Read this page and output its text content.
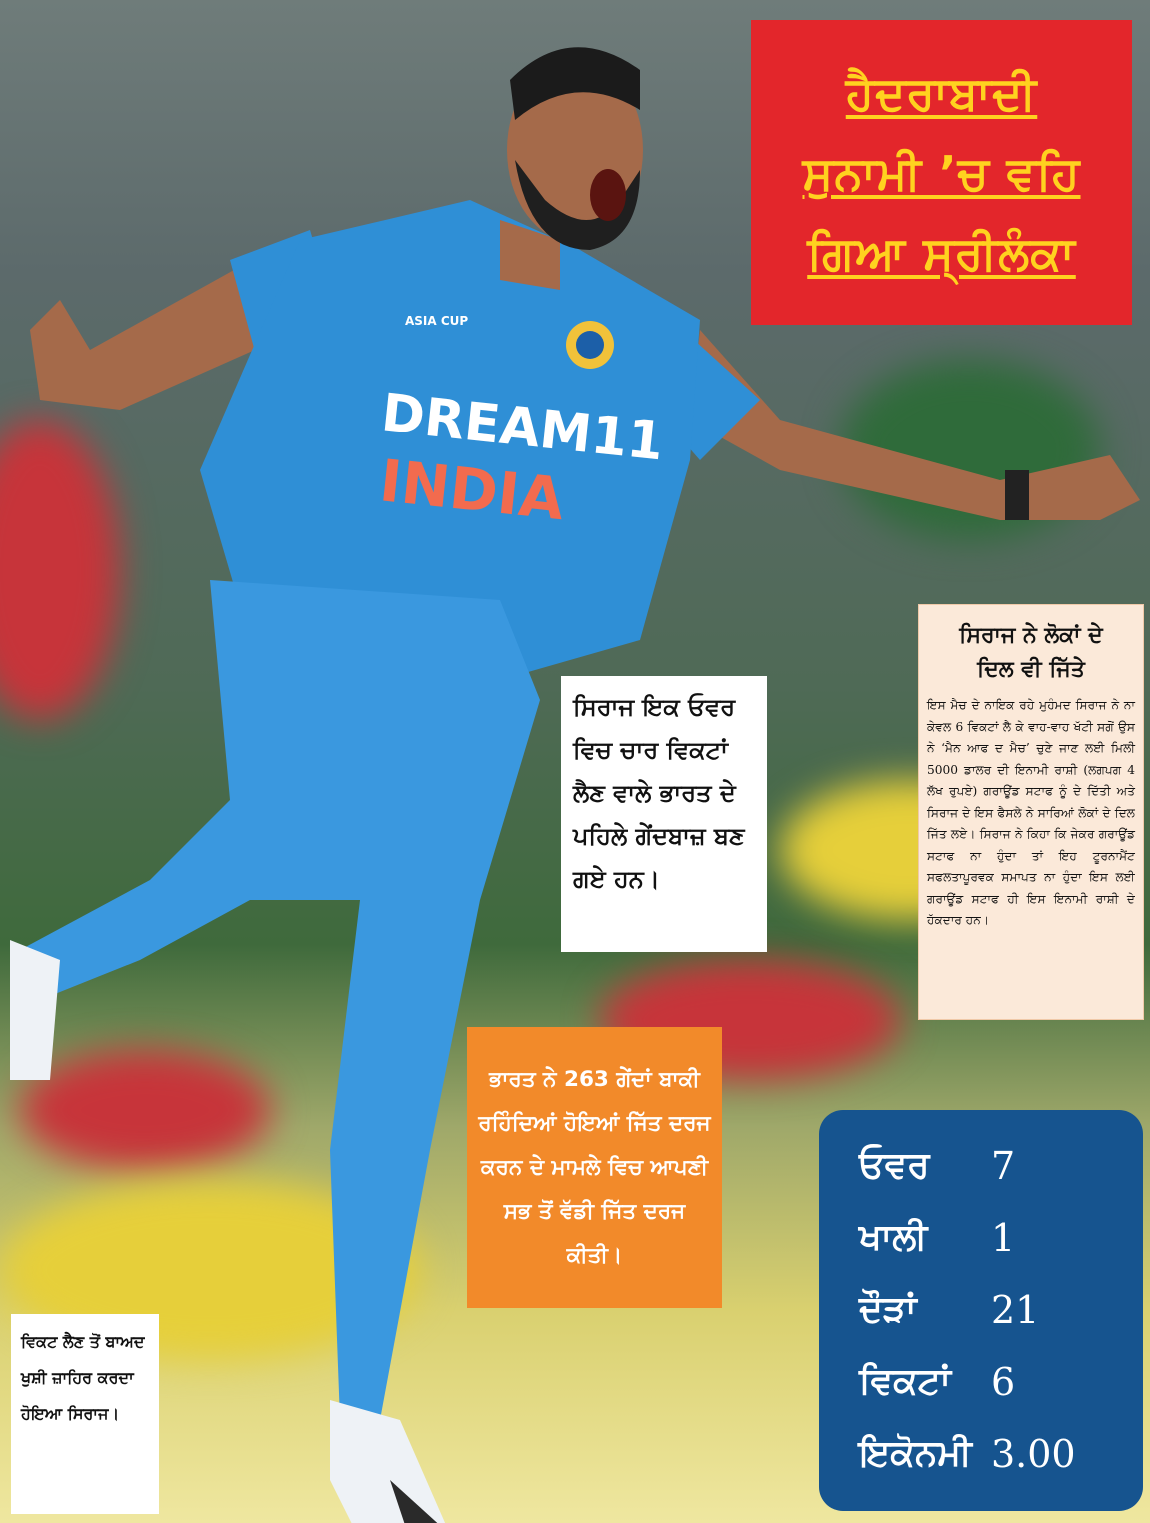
DREAM11
INDIA
ASIA CUP
ਹੈਦਰਾਬਾਦੀ
ਸੁਨਾਮੀ ’ਚ ਵਹਿ
ਗਿਆ ਸ੍ਰੀਲੰਕਾ
ਸਿਰਾਜ ਨੇ ਲੋਕਾਂ ਦੇ
ਦਿਲ ਵੀ ਜਿੱਤੇ
ਇਸ ਮੈਚ ਦੇ ਨਾਇਕ ਰਹੇ ਮੁਹੰਮਦ ਸਿਰਾਜ ਨੇ ਨਾ ਕੇਵਲ 6 ਵਿਕਟਾਂ ਲੈ ਕੇ ਵਾਹ-ਵਾਹ ਖੱਟੀ ਸਗੋਂ ਉਸ ਨੇ ‘ਮੈਨ ਆਫ ਦ ਮੈਚ’ ਚੁਣੇ ਜਾਣ ਲਈ ਮਿਲੀ 5000 ਡਾਲਰ ਦੀ ਇਨਾਮੀ ਰਾਸ਼ੀ (ਲਗਪਗ 4 ਲੱਖ ਰੁਪਏ) ਗਰਾਊਂਡ ਸਟਾਫ ਨੂੰ ਦੇ ਦਿੱਤੀ ਅਤੇ ਸਿਰਾਜ ਦੇ ਇਸ ਫੈਸਲੇ ਨੇ ਸਾਰਿਆਂ ਲੋਕਾਂ ਦੇ ਦਿਲ ਜਿੱਤ ਲਏ। ਸਿਰਾਜ ਨੇ ਕਿਹਾ ਕਿ ਜੇਕਰ ਗਰਾਊਂਡ ਸਟਾਫ ਨਾ ਹੁੰਦਾ ਤਾਂ ਇਹ ਟੂਰਨਾਮੈਂਟ ਸਫਲਤਾਪੂਰਵਕ ਸਮਾਪਤ ਨਾ ਹੁੰਦਾ ਇਸ ਲਈ ਗਰਾਊਂਡ ਸਟਾਫ ਹੀ ਇਸ ਇਨਾਮੀ ਰਾਸ਼ੀ ਦੇ ਹੱਕਦਾਰ ਹਨ।
ਸਿਰਾਜ ਇਕ ਓਵਰ ਵਿਚ ਚਾਰ ਵਿਕਟਾਂ ਲੈਣ ਵਾਲੇ ਭਾਰਤ ਦੇ ਪਹਿਲੇ ਗੇਂਦਬਾਜ਼ ਬਣ ਗਏ ਹਨ।
ਭਾਰਤ ਨੇ 263 ਗੇਂਦਾਂ ਬਾਕੀ ਰਹਿੰਦਿਆਂ ਹੋਇਆਂ ਜਿੱਤ ਦਰਜ ਕਰਨ ਦੇ ਮਾਮਲੇ ਵਿਚ ਆਪਣੀ ਸਭ ਤੋਂ ਵੱਡੀ ਜਿੱਤ ਦਰਜ ਕੀਤੀ।
ਓਵਰ	7
ਖਾਲੀ	1
ਦੌੜਾਂ	21
ਵਿਕਟਾਂ	6
ਇਕੋਨਮੀ 3.00
ਵਿਕਟ ਲੈਣ ਤੋਂ ਬਾਅਦ ਖੁਸ਼ੀ ਜ਼ਾਹਿਰ ਕਰਦਾ ਹੋਇਆ ਸਿਰਾਜ।
